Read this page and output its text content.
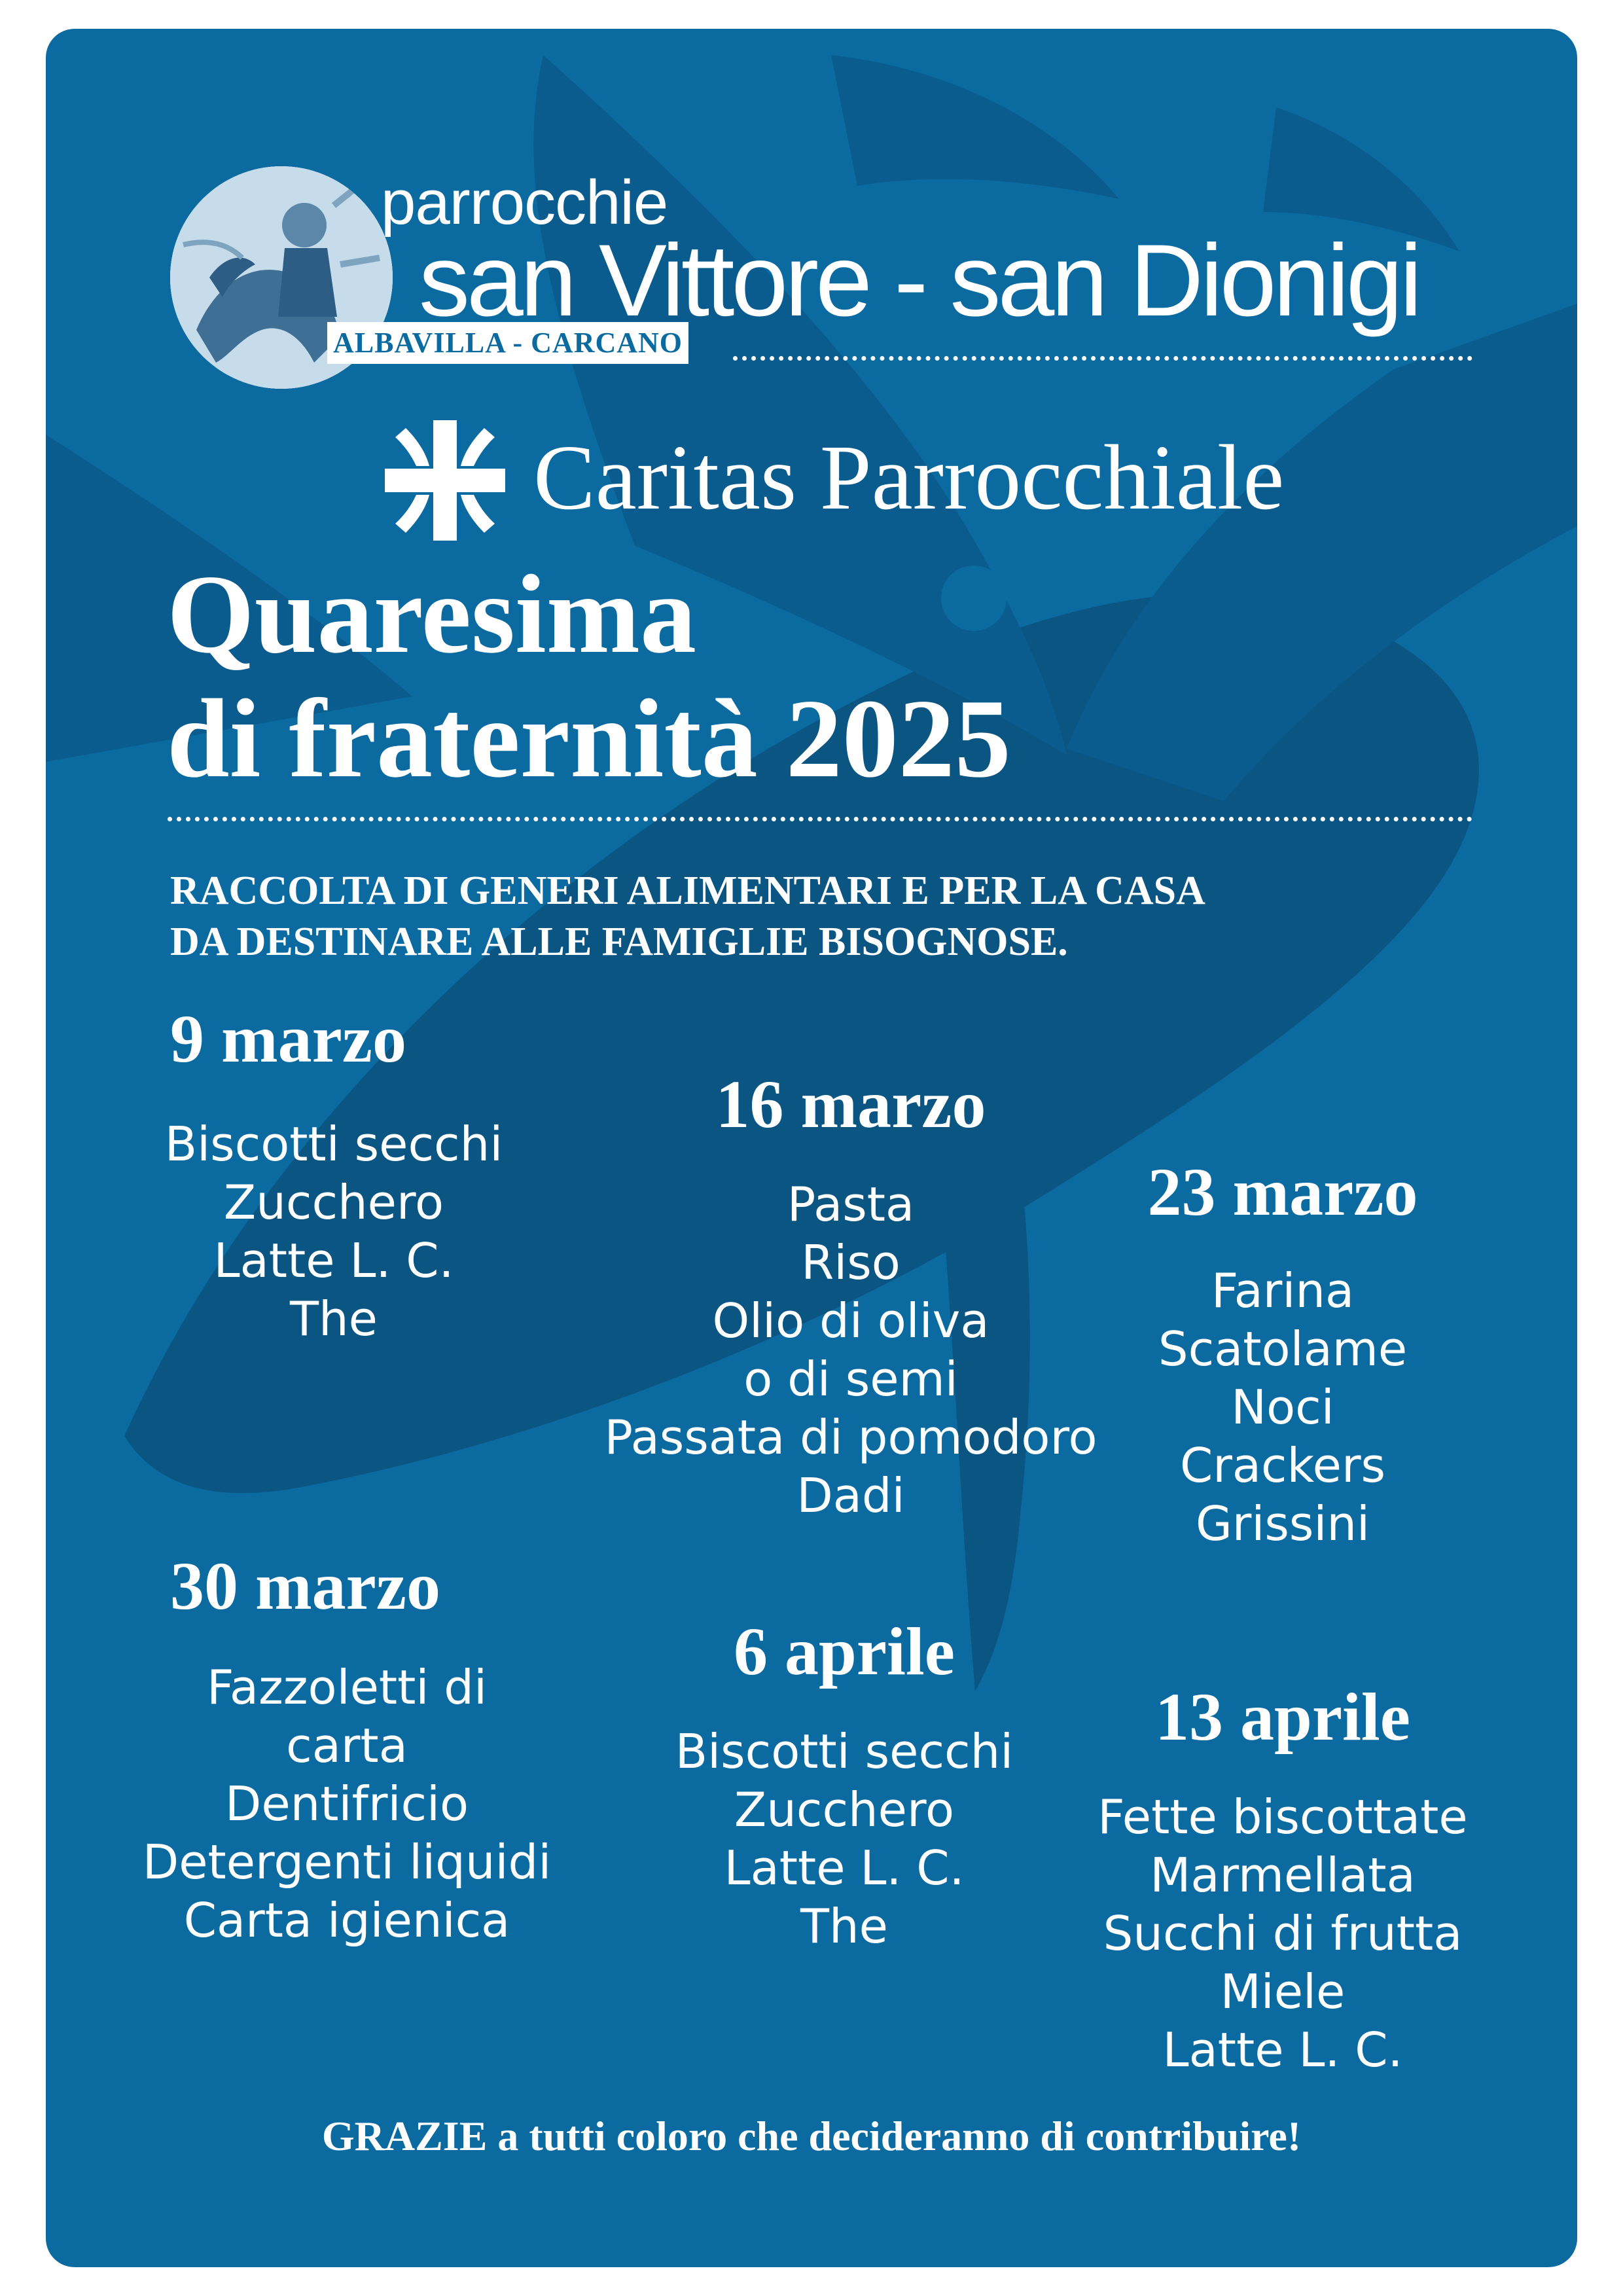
ALBAVILLA - CARCANO
parrocchie
san Vittore - san Dionigi
Caritas Parrocchiale
Quaresima
di fraternità 2025
RACCOLTA DI GENERI ALIMENTARI E PER LA CASA
DA DESTINARE ALLE FAMIGLIE BISOGNOSE.
9 marzo
Biscotti secchi
Zucchero
Latte L. C.
The
16 marzo
Pasta
Riso
Olio di oliva
o di semi
Passata di pomodoro
Dadi
23 marzo
Farina
Scatolame
Noci
Crackers
Grissini
30 marzo
Fazzoletti di
carta
Dentifricio
Detergenti liquidi
Carta igienica
6 aprile
Biscotti secchi
Zucchero
Latte L. C.
The
13 aprile
Fette biscottate
Marmellata
Succhi di frutta
Miele
Latte L. C.
GRAZIE a tutti coloro che decideranno di contribuire!
